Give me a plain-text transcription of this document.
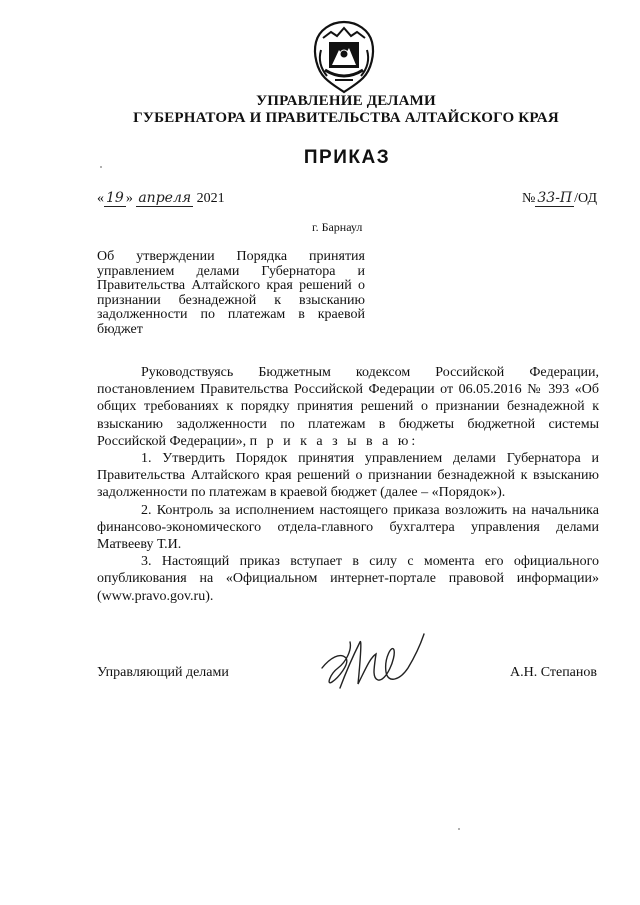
УПРАВЛЕНИЕ ДЕЛАМИ
ГУБЕРНАТОРА И ПРАВИТЕЛЬСТВА АЛТАЙСКОГО КРАЯ
ПРИКАЗ
« 19 » апреля 2021	№ 33-П /ОД
г. Барнаул
Об утверждении Порядка принятия управлением делами Губернатора и Правительства Алтайского края решений о признании безнадежной к взысканию задолженности по платежам в краевой бюджет

Руководствуясь Бюджетным кодексом Российской Федерации, постановлением Правительства Российской Федерации от 06.05.2016 № 393 «Об общих требованиях к порядку принятия решений о признании безнадежной к взысканию задолженности по платежам в бюджеты бюджетной системы Российской Федерации», п р и к а з ы в а ю:

1. Утвердить Порядок принятия управлением делами Губернатора и Правительства Алтайского края решений о признании безнадежной к взысканию задолженности по платежам в краевой бюджет (далее – «Порядок»).

2. Контроль за исполнением настоящего приказа возложить на начальника финансово-экономического отдела-главного бухгалтера управления делами Матвееву Т.И.

3. Настоящий приказ вступает в силу с момента его официального опубликования на «Официальном интернет-портале правовой информации» (www.pravo.gov.ru).

Управляющий делами	А.Н. Степанов
